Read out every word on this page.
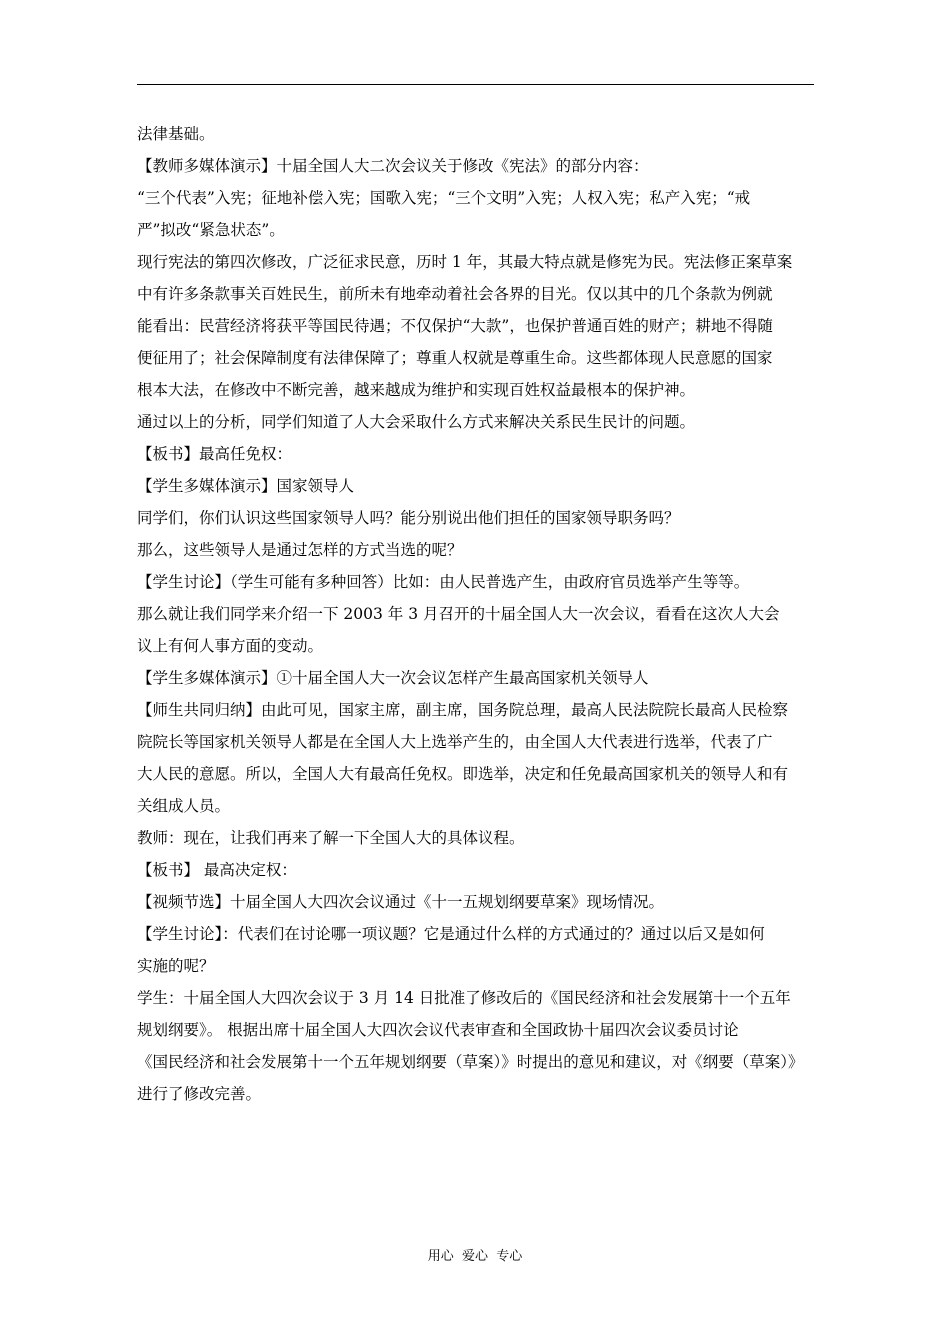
法律基础。
【教师多媒体演示】十届全国人大二次会议关于修改《宪法》的部分内容：
“三个代表”入宪；征地补偿入宪；国歌入宪；“三个文明”入宪；人权入宪；私产入宪；“戒
严”拟改“紧急状态”。
现行宪法的第四次修改，广泛征求民意，历时 1 年，其最大特点就是修宪为民。宪法修正案草案
中有许多条款事关百姓民生，前所未有地牵动着社会各界的目光。仅以其中的几个条款为例就
能看出：民营经济将获平等国民待遇；不仅保护“大款”，也保护普通百姓的财产；耕地不得随
便征用了；社会保障制度有法律保障了；尊重人权就是尊重生命。这些都体现人民意愿的国家
根本大法，在修改中不断完善，越来越成为维护和实现百姓权益最根本的保护神。
通过以上的分析，同学们知道了人大会采取什么方式来解决关系民生民计的问题。
【板书】最高任免权：
【学生多媒体演示】国家领导人
同学们，你们认识这些国家领导人吗？能分别说出他们担任的国家领导职务吗？
那么，这些领导人是通过怎样的方式当选的呢？
【学生讨论】（学生可能有多种回答）比如：由人民普选产生，由政府官员选举产生等等。
那么就让我们同学来介绍一下 2003 年 3 月召开的十届全国人大一次会议，看看在这次人大会
议上有何人事方面的变动。
【学生多媒体演示】①十届全国人大一次会议怎样产生最高国家机关领导人
【师生共同归纳】由此可见，国家主席，副主席，国务院总理，最高人民法院院长最高人民检察
院院长等国家机关领导人都是在全国人大上选举产生的，由全国人大代表进行选举，代表了广
大人民的意愿。所以，全国人大有最高任免权。即选举，决定和任免最高国家机关的领导人和有
关组成人员。
教师：现在，让我们再来了解一下全国人大的具体议程。
【板书】 最高决定权：
【视频节选】十届全国人大四次会议通过《十一五规划纲要草案》现场情况。
【学生讨论】：代表们在讨论哪一项议题？它是通过什么样的方式通过的？通过以后又是如何
实施的呢？
学生：十届全国人大四次会议于 3 月 14 日批准了修改后的《国民经济和社会发展第十一个五年
规划纲要》。 根据出席十届全国人大四次会议代表审查和全国政协十届四次会议委员讨论
《国民经济和社会发展第十一个五年规划纲要（草案）》时提出的意见和建议，对《纲要（草案）》
进行了修改完善。
用心  爱心  专心
